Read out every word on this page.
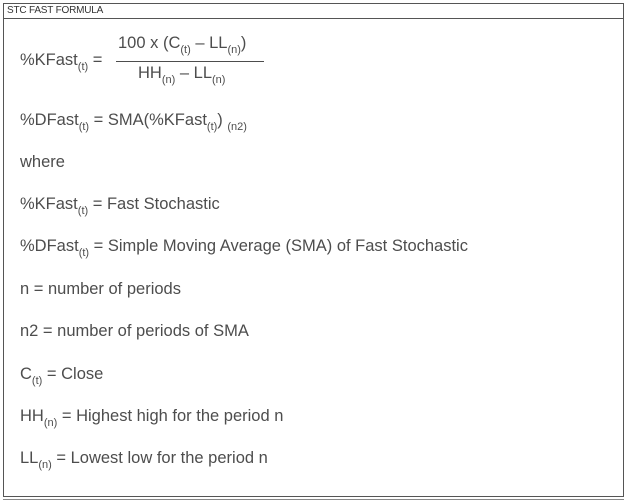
STC FAST FORMULA
%KFast$_{(t)}$ =
100 x $(C_{(t)} - LL_{(n)})$
$HH_{(n)} - LL_{(n)}$
%DFast$_{(t)}$ = SMA(%KFast$_{(t)}$) $_{(n2)}$
where
%KFast$_{(t)}$ = Fast Stochastic
%DFast$_{(t)}$ = Simple Moving Average (SMA) of Fast Stochastic
n = number of periods
n2 = number of periods of SMA
$C_{(t)}$ = Close
$HH_{(n)}$ = Highest high for the period n
$LL_{(n)}$ = Lowest low for the period n
